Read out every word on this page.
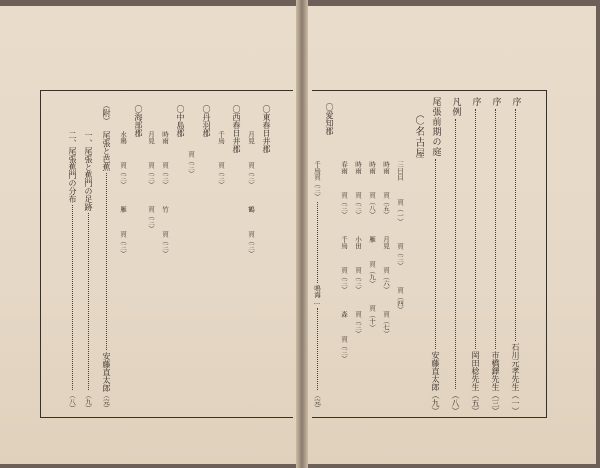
序
石川元孝先生
（一）
序
市橋鐸先生
（三）
序
岡田稔先生
（五）
凡例
（八）
尾張前期の庭
安藤直太郎
（九）
〇名古屋
三日目
頁（一）
頁（三）
頁（四）
時雨
頁（五）
月見
頁（六）
頁（七）
時雨
頁（八）
雁
頁（九）
頁（十）
時雨
頁（三）
小田
頁（三）
頁（三）
春雨
頁（三）
千鳥
頁（三）
森
頁（三）
〇愛知郡
千鳥
頁（三）
鳴海…
（完）
〇東春日井郡
月見
頁（三）
鶴
頁（三）
〇西春日井郡
千鳥
頁（三）
〇丹羽郡
頁（三）
〇中島郡
時雨
頁（三）
竹
頁（三）
月見
頁（三）
頁（三）
〇海部郡
水鶏
頁（三）
雁
頁（三）
（附）
尾張と芭蕉
安藤直太郎
（完）
一、尾張と蕉門の足跡
（九）
二、尾張蕉門の分布
（八）
